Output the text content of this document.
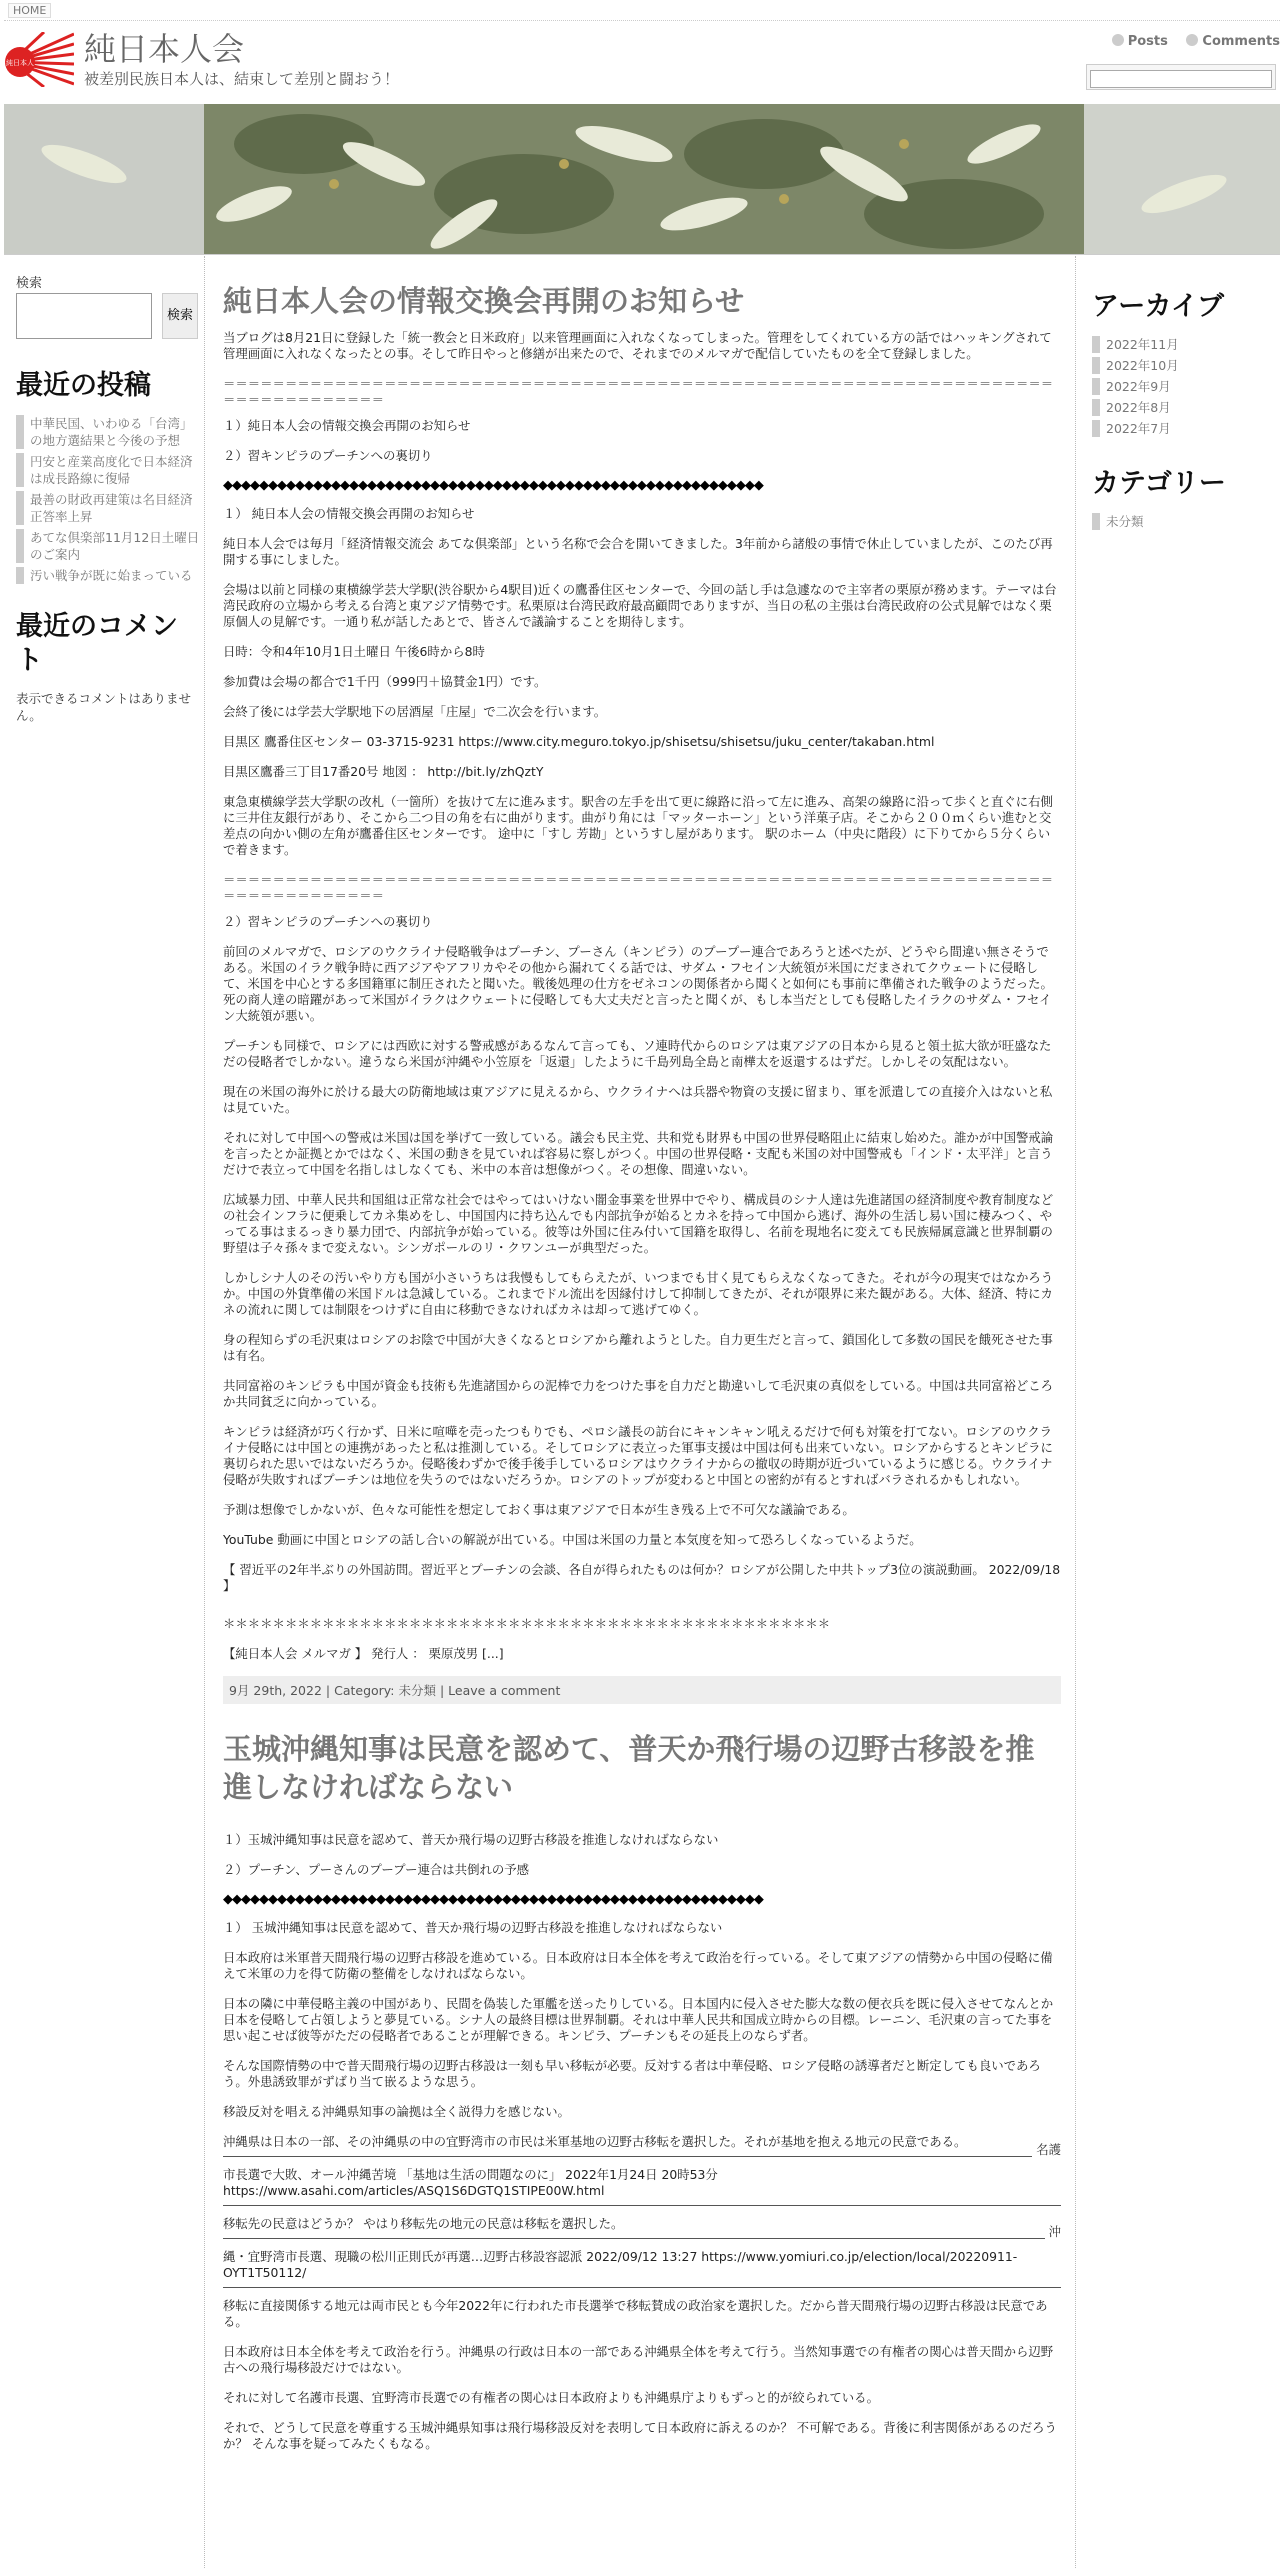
HOME
純日本人 純日本人会
被差別民族日本人は、結束して差別と闘おう！
Posts	Comments
検索
検索
最近の投稿
中華民国、いわゆる「台湾」の地方選結果と今後の予想
円安と産業高度化で日本経済は成長路線に復帰
最善の財政再建策は名目経済正答率上昇
あてな倶楽部11月12日土曜日のご案内
汚い戦争が既に始まっている
最近のコメント
表示できるコメントはありません。
純日本人会の情報交換会再開のお知らせ

当ブログは8月21日に登録した「統一教会と日米政府」以来管理画面に入れなくなってしまった。管理をしてくれている方の話ではハッキングされて管理画面に入れなくなったとの事。そして昨日やっと修繕が出来たので、それまでのメルマガで配信していたものを全て登録しました。

＝＝＝＝＝＝＝＝＝＝＝＝＝＝＝＝＝＝＝＝＝＝＝＝＝＝＝＝＝＝＝＝＝＝＝＝＝＝＝＝＝＝＝＝＝＝＝＝＝＝＝＝＝＝＝＝＝＝＝＝＝＝＝＝＝＝＝＝＝＝＝＝＝＝＝＝＝＝＝＝

１）純日本人会の情報交換会再開のお知らせ

２）習キンピラのプーチンへの裏切り

◆◆◆◆◆◆◆◆◆◆◆◆◆◆◆◆◆◆◆◆◆◆◆◆◆◆◆◆◆◆◆◆◆◆◆◆◆◆◆◆◆◆◆◆◆◆◆◆◆◆◆◆◆◆◆◆◆◆◆◆

１） 純日本人会の情報交換会再開のお知らせ

純日本人会では毎月「経済情報交流会 あてな倶楽部」という名称で会合を開いてきました。3年前から諸般の事情で休止していましたが、このたび再開する事にしました。

会場は以前と同様の東横線学芸大学駅(渋谷駅から4駅目)近くの鷹番住区センターで、今回の話し手は急遽なので主宰者の栗原が務めます。テーマは台湾民政府の立場から考える台湾と東アジア情勢です。私栗原は台湾民政府最高顧問でありますが、当日の私の主張は台湾民政府の公式見解ではなく栗原個人の見解です。一通り私が話したあとで、皆さんで議論することを期待します。

日時：令和4年10月1日土曜日 午後6時から8時

参加費は会場の都合で1千円（999円＋協賛金1円）です。

会終了後には学芸大学駅地下の居酒屋「庄屋」で二次会を行います。

目黒区 鷹番住区センター 03-3715-9231 https://www.city.meguro.tokyo.jp/shisetsu/shisetsu/juku_center/takaban.html

目黒区鷹番三丁目17番20号 地図 ： http://bit.ly/zhQztY

東急東横線学芸大学駅の改札（一箇所）を抜けて左に進みます。駅舎の左手を出て更に線路に沿って左に進み、高架の線路に沿って歩くと直ぐに右側に三井住友銀行があり、そこから二つ目の角を右に曲がります。曲がり角には「マッターホーン」という洋菓子店。そこから２００ｍくらい進むと交差点の向かい側の左角が鷹番住区センターです。 途中に「すし 芳勘」というすし屋があります。 駅のホーム（中央に階段）に下りてから５分くらいで着きます。

＝＝＝＝＝＝＝＝＝＝＝＝＝＝＝＝＝＝＝＝＝＝＝＝＝＝＝＝＝＝＝＝＝＝＝＝＝＝＝＝＝＝＝＝＝＝＝＝＝＝＝＝＝＝＝＝＝＝＝＝＝＝＝＝＝＝＝＝＝＝＝＝＝＝＝＝＝＝＝＝

２）習キンピラのプーチンへの裏切り

前回のメルマガで、ロシアのウクライナ侵略戦争はプーチン、プーさん（キンピラ）のプープー連合であろうと述べたが、どうやら間違い無さそうである。米国のイラク戦争時に西アジアやアフリカやその他から漏れてくる話では、サダム・フセイン大統領が米国にだまされてクウェートに侵略して、米国を中心とする多国籍軍に制圧されたと聞いた。戦後処理の仕方をゼネコンの関係者から聞くと如何にも事前に準備された戦争のようだった。死の商人達の暗躍があって米国がイラクはクウェートに侵略しても大丈夫だと言ったと聞くが、もし本当だとしても侵略したイラクのサダム・フセイン大統領が悪い。

プーチンも同様で、ロシアには西欧に対する警戒感があるなんて言っても、ソ連時代からのロシアは東アジアの日本から見ると領土拡大欲が旺盛なただの侵略者でしかない。違うなら米国が沖縄や小笠原を「返還」したように千島列島全島と南樺太を返還するはずだ。しかしその気配はない。

現在の米国の海外に於ける最大の防衛地域は東アジアに見えるから、ウクライナへは兵器や物資の支援に留まり、軍を派遣しての直接介入はないと私は見ていた。

それに対して中国への警戒は米国は国を挙げて一致している。議会も民主党、共和党も財界も中国の世界侵略阻止に結束し始めた。誰かが中国警戒論を言ったとか証拠とかではなく、米国の動きを見ていれば容易に察しがつく。中国の世界侵略・支配も米国の対中国警戒も「インド・太平洋」と言うだけで表立って中国を名指しはしなくても、米中の本音は想像がつく。その想像、間違いない。

広域暴力団、中華人民共和国組は正常な社会ではやってはいけない闇金事業を世界中でやり、構成員のシナ人達は先進諸国の経済制度や教育制度などの社会インフラに便乗してカネ集めをし、中国国内に持ち込んでも内部抗争が始るとカネを持って中国から逃げ、海外の生活し易い国に棲みつく、やってる事はまるっきり暴力団で、内部抗争が始っている。彼等は外国に住み付いて国籍を取得し、名前を現地名に変えても民族帰属意識と世界制覇の野望は子々孫々まで変えない。シンガポールのリ・クワンユーが典型だった。

しかしシナ人のその汚いやり方も国が小さいうちは我慢もしてもらえたが、いつまでも甘く見てもらえなくなってきた。それが今の現実ではなかろうか。中国の外貨準備の米国ドルは急減している。これまでドル流出を因縁付けして抑制してきたが、それが限界に来た観がある。大体、経済、特にカネの流れに関しては制限をつけずに自由に移動できなければカネは却って逃げてゆく。

身の程知らずの毛沢東はロシアのお陰で中国が大きくなるとロシアから離れようとした。自力更生だと言って、鎖国化して多数の国民を餓死させた事は有名。

共同富裕のキンピラも中国が資金も技術も先進諸国からの泥棒で力をつけた事を自力だと勘違いして毛沢東の真似をしている。中国は共同富裕どころか共同貧乏に向かっている。

キンピラは経済が巧く行かず、日米に喧嘩を売ったつもりでも、ペロシ議長の訪台にキャンキャン吼えるだけで何も対策を打てない。ロシアのウクライナ侵略には中国との連携があったと私は推測している。そしてロシアに表立った軍事支援は中国は何も出来ていない。ロシアからするとキンピラに裏切られた思いではないだろうか。侵略後わずかで後手後手しているロシアはウクライナからの撤収の時期が近づいているように感じる。ウクライナ侵略が失敗すればプーチンは地位を失うのではないだろうか。ロシアのトップが変わると中国との密約が有るとすればバラされるかもしれない。

予測は想像でしかないが、色々な可能性を想定しておく事は東アジアで日本が生き残る上で不可欠な議論である。

YouTube 動画に中国とロシアの話し合いの解説が出ている。中国は米国の力量と本気度を知って恐ろしくなっているようだ。

【 習近平の2年半ぶりの外国訪問。習近平とプーチンの会談、各自が得られたものは何か？ロシアが公開した中共トップ3位の演説動画。 2022/09/18 】

＊＊＊＊＊＊＊＊＊＊＊＊＊＊＊＊＊＊＊＊＊＊＊＊＊＊＊＊＊＊＊＊＊＊＊＊＊＊＊＊＊＊＊＊＊＊＊＊＊

【純日本人会 メルマガ 】 発行人 ： 栗原茂男 [...]

9月 29th, 2022 | Category: 未分類 | Leave a comment
玉城沖縄知事は民意を認めて、普天か飛行場の辺野古移設を推進しなければならない

１）玉城沖縄知事は民意を認めて、普天か飛行場の辺野古移設を推進しなければならない

２）プーチン、プーさんのプープー連合は共倒れの予感

◆◆◆◆◆◆◆◆◆◆◆◆◆◆◆◆◆◆◆◆◆◆◆◆◆◆◆◆◆◆◆◆◆◆◆◆◆◆◆◆◆◆◆◆◆◆◆◆◆◆◆◆◆◆◆◆◆◆◆◆

１） 玉城沖縄知事は民意を認めて、普天か飛行場の辺野古移設を推進しなければならない

日本政府は米軍普天間飛行場の辺野古移設を進めている。日本政府は日本全体を考えて政治を行っている。そして東アジアの情勢から中国の侵略に備えて米軍の力を得て防衛の整備をしなければならない。

日本の隣に中華侵略主義の中国があり、民間を偽装した軍艦を送ったりしている。日本国内に侵入させた膨大な数の便衣兵を既に侵入させてなんとか日本を侵略して占領しようと夢見ている。シナ人の最終目標は世界制覇。それは中華人民共和国成立時からの目標。レーニン、毛沢東の言ってた事を思い起こせば彼等がただの侵略者であることが理解できる。キンピラ、プーチンもその延長上のならず者。

そんな国際情勢の中で普天間飛行場の辺野古移設は一刻も早い移転が必要。反対する者は中華侵略、ロシア侵略の誘導者だと断定しても良いであろう。外患誘致罪がずばり当て嵌るような思う。

移設反対を唱える沖縄県知事の論拠は全く説得力を感じない。

沖縄県は日本の一部、その沖縄県の中の宜野湾市の市民は米軍基地の辺野古移転を選択した。それが基地を抱える地元の民意である。

名護

市長選で大敗、オール沖縄苦境 「基地は生活の問題なのに」 2022年1月24日 20時53分 https://www.asahi.com/articles/ASQ1S6DGTQ1STIPE00W.html

移転先の民意はどうか？ やはり移転先の地元の民意は移転を選択した。

沖

縄・宜野湾市長選、現職の松川正則氏が再選…辺野古移設容認派 2022/09/12 13:27 https://www.yomiuri.co.jp/election/local/20220911-OYT1T50112/

移転に直接関係する地元は両市民とも今年2022年に行われた市長選挙で移転賛成の政治家を選択した。だから普天間飛行場の辺野古移設は民意である。

日本政府は日本全体を考えて政治を行う。沖縄県の行政は日本の一部である沖縄県全体を考えて行う。当然知事選での有権者の関心は普天間から辺野古への飛行場移設だけではない。

それに対して名護市長選、宜野湾市長選での有権者の関心は日本政府よりも沖縄県庁よりもずっと的が絞られている。

それで、どうして民意を尊重する玉城沖縄県知事は飛行場移設反対を表明して日本政府に訴えるのか？ 不可解である。背後に利害関係があるのだろうか？ そんな事を疑ってみたくもなる。

アーカイブ
2022年11月
2022年10月
2022年9月
2022年8月
2022年7月
カテゴリー
未分類
